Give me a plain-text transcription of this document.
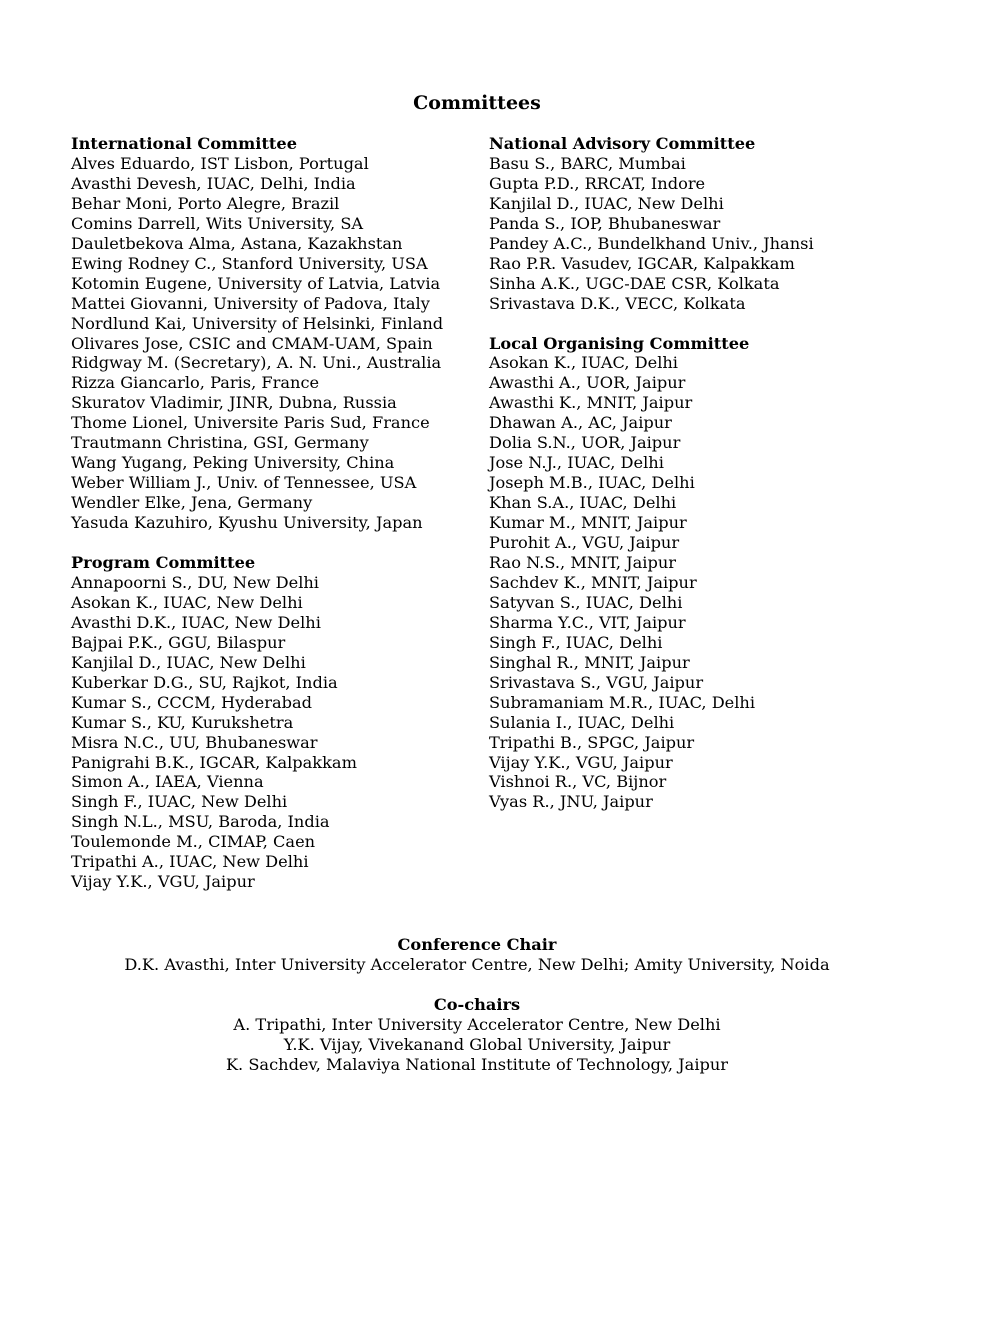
Committees
International Committee
Alves Eduardo, IST Lisbon, Portugal
Avasthi Devesh, IUAC, Delhi, India
Behar Moni, Porto Alegre, Brazil
Comins Darrell, Wits University, SA
Dauletbekova Alma, Astana, Kazakhstan
Ewing Rodney C., Stanford University, USA
Kotomin Eugene, University of Latvia, Latvia
Mattei Giovanni, University of Padova, Italy
Nordlund Kai, University of Helsinki, Finland
Olivares Jose, CSIC and CMAM-UAM, Spain
Ridgway M. (Secretary), A. N. Uni., Australia
Rizza Giancarlo, Paris, France
Skuratov Vladimir, JINR, Dubna, Russia
Thome Lionel, Universite Paris Sud, France
Trautmann Christina, GSI, Germany
Wang Yugang, Peking University, China
Weber William J., Univ. of Tennessee, USA
Wendler Elke, Jena, Germany
Yasuda Kazuhiro, Kyushu University, Japan
Program Committee
Annapoorni S., DU, New Delhi
Asokan K., IUAC, New Delhi
Avasthi D.K., IUAC, New Delhi
Bajpai P.K., GGU, Bilaspur
Kanjilal D., IUAC, New Delhi
Kuberkar D.G., SU, Rajkot, India
Kumar S., CCCM, Hyderabad
Kumar S., KU, Kurukshetra
Misra N.C., UU, Bhubaneswar
Panigrahi B.K., IGCAR, Kalpakkam
Simon A., IAEA, Vienna
Singh F., IUAC, New Delhi
Singh N.L., MSU, Baroda, India
Toulemonde M., CIMAP, Caen
Tripathi A., IUAC, New Delhi
Vijay Y.K., VGU, Jaipur
National Advisory Committee
Basu S., BARC, Mumbai
Gupta P.D., RRCAT, Indore
Kanjilal D., IUAC, New Delhi
Panda S., IOP, Bhubaneswar
Pandey A.C., Bundelkhand Univ., Jhansi
Rao P.R. Vasudev, IGCAR, Kalpakkam
Sinha A.K., UGC-DAE CSR, Kolkata
Srivastava D.K., VECC, Kolkata
Local Organising Committee
Asokan K., IUAC, Delhi
Awasthi A., UOR, Jaipur
Awasthi K., MNIT, Jaipur
Dhawan A., AC, Jaipur
Dolia S.N., UOR, Jaipur
Jose N.J., IUAC, Delhi
Joseph M.B., IUAC, Delhi
Khan S.A., IUAC, Delhi
Kumar M., MNIT, Jaipur
Purohit A., VGU, Jaipur
Rao N.S., MNIT, Jaipur
Sachdev K., MNIT, Jaipur
Satyvan S., IUAC, Delhi
Sharma Y.C., VIT, Jaipur
Singh F., IUAC, Delhi
Singhal R., MNIT, Jaipur
Srivastava S., VGU, Jaipur
Subramaniam M.R., IUAC, Delhi
Sulania I., IUAC, Delhi
Tripathi B., SPGC, Jaipur
Vijay Y.K., VGU, Jaipur
Vishnoi R., VC, Bijnor
Vyas R., JNU, Jaipur
Conference Chair
D.K. Avasthi, Inter University Accelerator Centre, New Delhi; Amity University, Noida
Co-chairs
A. Tripathi, Inter University Accelerator Centre, New Delhi
Y.K. Vijay, Vivekanand Global University, Jaipur
K. Sachdev, Malaviya National Institute of Technology, Jaipur
